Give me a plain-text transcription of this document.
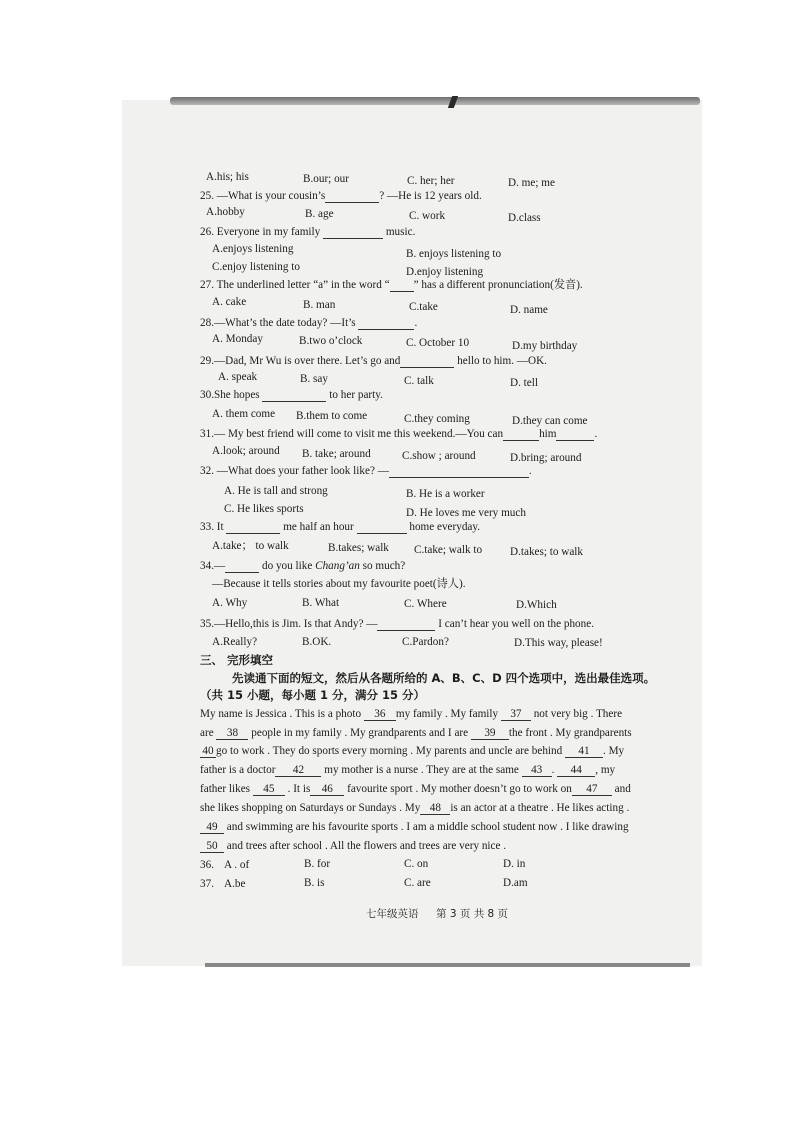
A.his; his	B.our; our	C. her; her	D. me; me
25. —What is your cousin’s	? —He is 12 years old.
A.hobby	B. age	C. work	D.class
26. Everyone in my family	music.
A.enjoys listening	B. enjoys listening to
C.enjoy listening to	D.enjoy listening
27. The underlined letter “a” in the word “ ” has a different pronunciation(发音).
A. cake	B. man	C.take	D. name
28.—What’s the date today? —It’s	.
A. Monday	B.two o’clock	C. October 10	D.my birthday
29.—Dad, Mr Wu is over there. Let’s go and	hello to him. —OK.
A. speak	B. say	C. talk	D. tell
30.She hopes	to her party.
A. them come B.them to come	C.they coming	D.they can come
31.— My best friend will come to visit me this weekend.—You can	him	.
A.look; around B. take; around	C.show ; around	D.bring; around
32. —What does your father look like? —	.
A. He is tall and strong	B. He is a worker
C. He likes sports	D. He loves me very much
33. It	me half an hour	home everyday.
A.take； to walk	B.takes; walk C.take; walk to D.takes; to walk
34.—	do you like Chang’an so much?
—Because it tells stories about my favourite poet(诗人).
A. Why	B. What	C. Where	D.Which
35.—Hello,this is Jim. Is that Andy? —	I can’t hear you well on the phone.
A.Really?	B.OK.	C.Pardon?	D.This way, please!
三、 完形填空
先读通下面的短文，然后从各题所给的 A、B、C、D 四个选项中，选出最佳选项。
（共 15 小题，每小题 1 分，满分 15 分）
My name is Jessica . This is a photo 36 my family . My family 37 not very big . There
are 38 people in my family . My grandparents and I are 39 the front . My grandparents
40 go to work . They do sports every morning . My parents and uncle are behind 41 . My
father is a doctor 42 my mother is a nurse . They are at the same 43 . 44 , my
father likes 45 . It is 46 favourite sport . My mother doesn’t go to work on 47 and
she likes shopping on Saturdays or Sundays . My 48 is an actor at a theatre . He likes acting .
49 and swimming are his favourite sports . I am a middle school student now . I like drawing
50 and trees after school . All the flowers and trees are very nice .
36. A . of	B. for	C. on	D. in
37. A.be	B. is	C. are	D.am
七年级英语 第 3 页 共 8 页
